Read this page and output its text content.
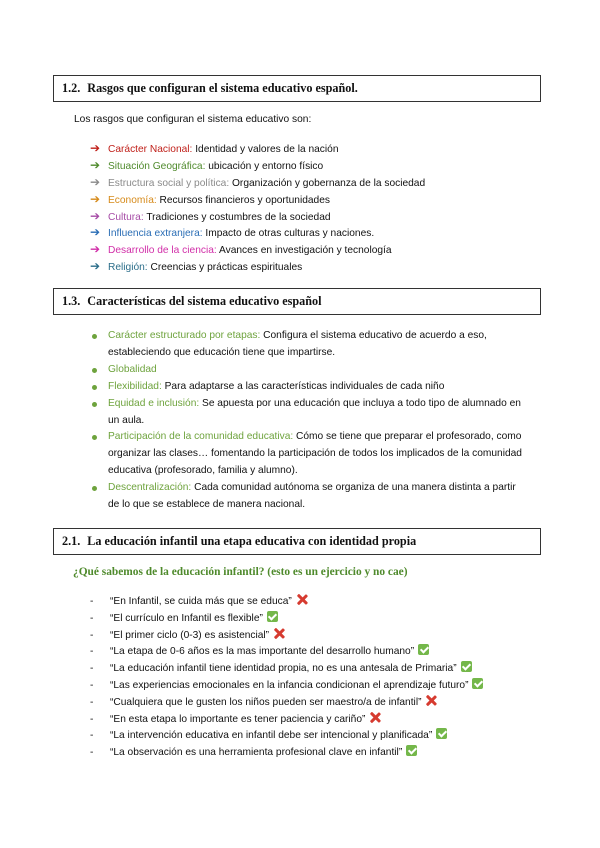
1.2. Rasgos que configuran el sistema educativo español.
Los rasgos que configuran el sistema educativo son:
➔ Carácter Nacional: Identidad y valores de la nación
➔ Situación Geográfica: ubicación y entorno físico
➔ Estructura social y política: Organización y gobernanza de la sociedad
➔ Economía: Recursos financieros y oportunidades
➔ Cultura: Tradiciones y costumbres de la sociedad
➔ Influencia extranjera: Impacto de otras culturas y naciones.
➔ Desarrollo de la ciencia: Avances en investigación y tecnología
➔ Religión: Creencias y prácticas espirituales
1.3. Características del sistema educativo español
Carácter estructurado por etapas: Configura el sistema educativo de acuerdo a eso, estableciendo que educación tiene que impartirse.
Globalidad
Flexibilidad: Para adaptarse a las características individuales de cada niño
Equidad e inclusión: Se apuesta por una educación que incluya a todo tipo de alumnado en un aula.
Participación de la comunidad educativa: Cómo se tiene que preparar el profesorado, como organizar las clases… fomentando la participación de todos los implicados de la comunidad educativa (profesorado, familia y alumno).
Descentralización: Cada comunidad autónoma se organiza de una manera distinta a partir de lo que se establece de manera nacional.
2.1. La educación infantil una etapa educativa con identidad propia
¿Qué sabemos de la educación infantil? (esto es un ejercicio y no cae)
- “En Infantil, se cuida más que se educa”
- “El currículo en Infantil es flexible”
- “El primer ciclo (0-3) es asistencial”
- “La etapa de 0-6 años es la mas importante del desarrollo humano”
- “La educación infantil tiene identidad propia, no es una antesala de Primaria”
- “Las experiencias emocionales en la infancia condicionan el aprendizaje futuro”
- “Cualquiera que le gusten los niños pueden ser maestro/a de infantil”
- “En esta etapa lo importante es tener paciencia y cariño”
- “La intervención educativa en infantil debe ser intencional y planificada”
- “La observación es una herramienta profesional clave en infantil”
